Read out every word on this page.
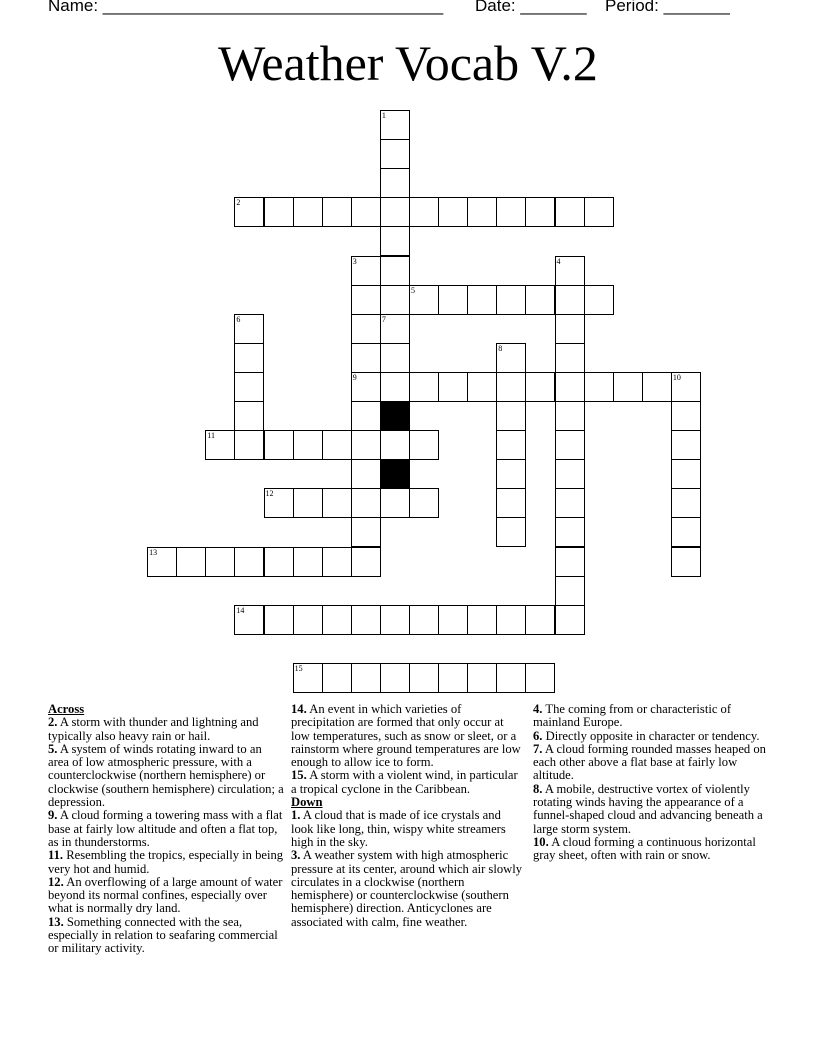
Name: ____________________________________ Date: _______ Period: _______
Weather Vocab V.2
1
2
3
9
4
5
6	7
8
10
11
12
13
14
15
Across
2. A storm with thunder and lightning and typically also heavy rain or hail.
5. A system of winds rotating inward to an area of low atmospheric pressure, with a counterclockwise (northern hemisphere) or clockwise (southern hemisphere) circulation; a depression.
9. A cloud forming a towering mass with a flat base at fairly low altitude and often a flat top, as in thunderstorms.
11. Resembling the tropics, especially in being very hot and humid.
12. An overflowing of a large amount of water beyond its normal confines, especially over what is normally dry land.
13. Something connected with the sea, especially in relation to seafaring commercial or military activity.
14. An event in which varieties of precipitation are formed that only occur at low temperatures, such as snow or sleet, or a rainstorm where ground temperatures are low enough to allow ice to form.
15. A storm with a violent wind, in particular a tropical cyclone in the Caribbean.
Down
1. A cloud that is made of ice crystals and look like long, thin, wispy white streamers high in the sky.
3. A weather system with high atmospheric pressure at its center, around which air slowly circulates in a clockwise (northern hemisphere) or counterclockwise (southern hemisphere) direction. Anticyclones are associated with calm, fine weather.
4. The coming from or characteristic of mainland Europe.
6. Directly opposite in character or tendency.
7. A cloud forming rounded masses heaped on each other above a flat base at fairly low altitude.
8. A mobile, destructive vortex of violently rotating winds having the appearance of a funnel-shaped cloud and advancing beneath a large storm system.
10. A cloud forming a continuous horizontal gray sheet, often with rain or snow.
